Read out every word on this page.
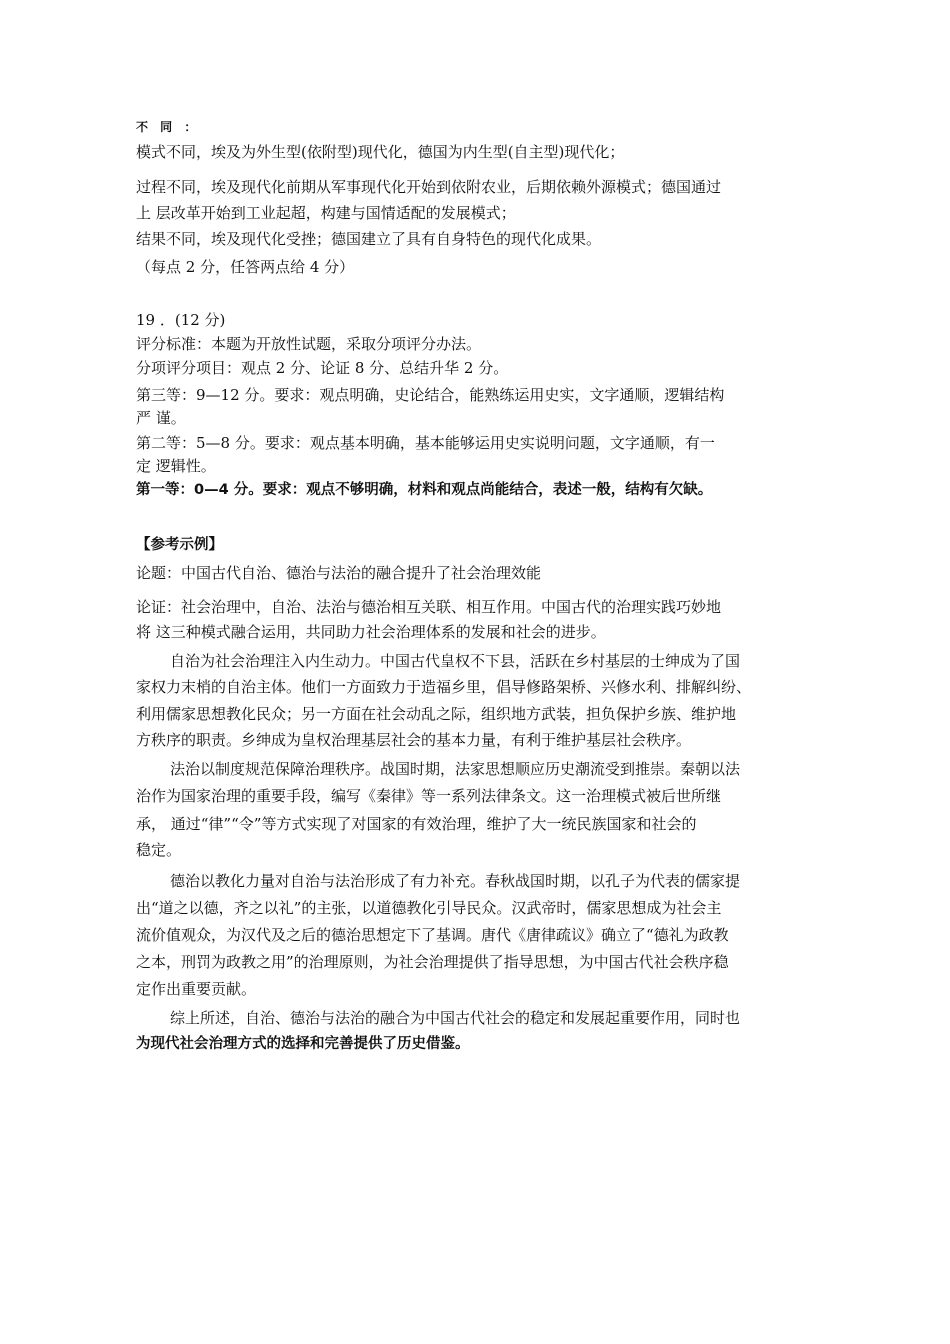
不 同 ：
模式不同，埃及为外生型(依附型)现代化，德国为内生型(自主型)现代化；
过程不同，埃及现代化前期从军事现代化开始到依附农业，后期依赖外源模式；德国通过
上 层改革开始到工业起超，构建与国情适配的发展模式；
结果不同，埃及现代化受挫；德国建立了具有自身特色的现代化成果。
（每点 2 分，任答两点给 4 分）
19 ．(12 分)
评分标准：本题为开放性试题，采取分项评分办法。
分项评分项目：观点 2 分、论证 8 分、总结升华 2 分。
第三等：9—12 分。要求：观点明确，史论结合，能熟练运用史实，文字通顺，逻辑结构
严 谨。
第二等：5—8 分。要求：观点基本明确，基本能够运用史实说明问题，文字通顺，有一
定 逻辑性。
第一等：0—4 分。要求：观点不够明确，材料和观点尚能结合，表述一般，结构有欠缺。
【参考示例】
论题：中国古代自治、德治与法治的融合提升了社会治理效能
论证：社会治理中，自治、法治与德治相互关联、相互作用。中国古代的治理实践巧妙地
将 这三种模式融合运用，共同助力社会治理体系的发展和社会的进步。
自治为社会治理注入内生动力。中国古代皇权不下县，活跃在乡村基层的士绅成为了国
家权力末梢的自治主体。他们一方面致力于造福乡里，倡导修路架桥、兴修水利、排解纠纷、
利用儒家思想教化民众；另一方面在社会动乱之际，组织地方武装，担负保护乡族、维护地
方秩序的职责。乡绅成为皇权治理基层社会的基本力量，有利于维护基层社会秩序。
法治以制度规范保障治理秩序。战国时期，法家思想顺应历史潮流受到推崇。秦朝以法
治作为国家治理的重要手段，编写《秦律》等一系列法律条文。这一治理模式被后世所继
承， 通过“律”“令”等方式实现了对国家的有效治理，维护了大一统民族国家和社会的
稳定。
德治以教化力量对自治与法治形成了有力补充。春秋战国时期，以孔子为代表的儒家提
出“道之以德，齐之以礼”的主张，以道德教化引导民众。汉武帝时，儒家思想成为社会主
流价值观众，为汉代及之后的德治思想定下了基调。唐代《唐律疏议》确立了“德礼为政教
之本，刑罚为政教之用”的治理原则，为社会治理提供了指导思想，为中国古代社会秩序稳
定作出重要贡献。
综上所述，自治、德治与法治的融合为中国古代社会的稳定和发展起重要作用，同时也
为现代社会治理方式的选择和完善提供了历史借鉴。
